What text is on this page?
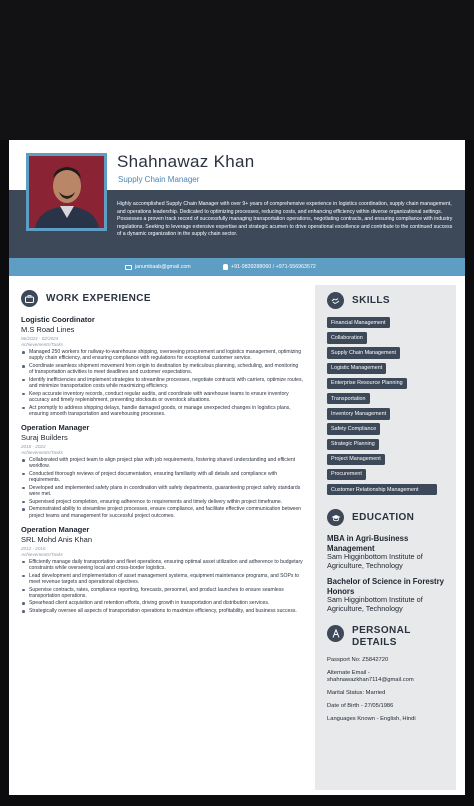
Shahnawaz Khan
Supply Chain Manager
Highly accomplished Supply Chain Manager with over 9+ years of comprehensive experience in logistics coordination, supply chain management, and operations leadership. Dedicated to optimizing processes, reducing costs, and enhancing efficiency within diverse organizational settings. Possesses a proven track record of successfully managing transportation operations, negotiating contracts, and ensuring compliance with industry regulations. Seeking to leverage extensive expertise and strategic acumen to drive operational excellence and contribute to the continued success of a dynamic organization in the supply chain sector.
janumbaab@gmail.com	+91-9839288060 / +971-556963572
WORK EXPERIENCE
Logistic Coordinator
M.S Road Lines
06/2023 - 02/2024
Achievements/Tasks
Managed 250 workers for railway-to-warehouse shipping, overseeing procurement and logistics management, optimizing supply chain efficiency, and ensuring compliance with regulations for exceptional customer service.
Coordinate seamless shipment movement from origin to destination by meticulous planning, scheduling, and monitoring of transportation activities to meet deadlines and customer expectations.
Identify inefficiencies and implement strategies to streamline processes, negotiate contracts with carriers, optimize routes, and minimize transportation costs while maximizing efficiency.
Keep accurate inventory records, conduct regular audits, and coordinate with warehouse teams to ensure inventory accuracy and timely replenishment, preventing stockouts or overstock situations.
Act promptly to address shipping delays, handle damaged goods, or manage unexpected changes in logistics plans, ensuring smooth transportation and warehousing processes.
Operation Manager
Suraj Builders
2018 - 2022
Achievements/Tasks
Collaborated with project team to align project plan with job requirements, fostering shared understanding and efficient workflow.
Conducted thorough reviews of project documentation, ensuring familiarity with all details and compliance with requirements.
Developed and implemented safety plans in coordination with safety departments, guaranteeing project safety standards were met.
Supervised project completion, ensuring adherence to requirements and timely delivery within project timeframe.
Demonstrated ability to streamline project processes, ensure compliance, and facilitate effective communication between project teams and management for successful project outcomes.
Operation Manager
SRL Mohd Anis Khan
2012 - 2016
Achievements/Tasks
Efficiently manage daily transportation and fleet operations, ensuring optimal asset utilization and adherence to budgetary constraints while overseeing local and cross-border logistics.
Lead development and implementation of asset management systems, equipment maintenance programs, and SOPs to meet revenue targets and operational objectives.
Supervise contracts, rates, compliance reporting, forecasts, personnel, and product launches to ensure seamless transportation operations.
Spearhead client acquisition and retention efforts, driving growth in transportation and distribution services.
Strategically oversee all aspects of transportation operations to maximize efficiency, profitability, and business success.
SKILLS
Financial Management
Collaboration
Supply Chain Management
Logistic Management
Enterprise Resource Planning
Transportation
Inventory Management
Safety Compliance
Strategic Planning
Project Management
Procurement
Customer Relationship Management
EDUCATION
MBA in Agri-Business Management
Sam Higginbottom Institute of Agriculture, Technology
Bachelor of Science in Forestry Honors
Sam Higginbottom Institute of Agriculture, Technology
PERSONAL DETAILS
Passport No: Z5842720
Alternate Email - shahnawazkhan7114@gmail.com
Marital Status: Married
Date of Birth - 27/05/1986
Languages Known - English, Hindi
